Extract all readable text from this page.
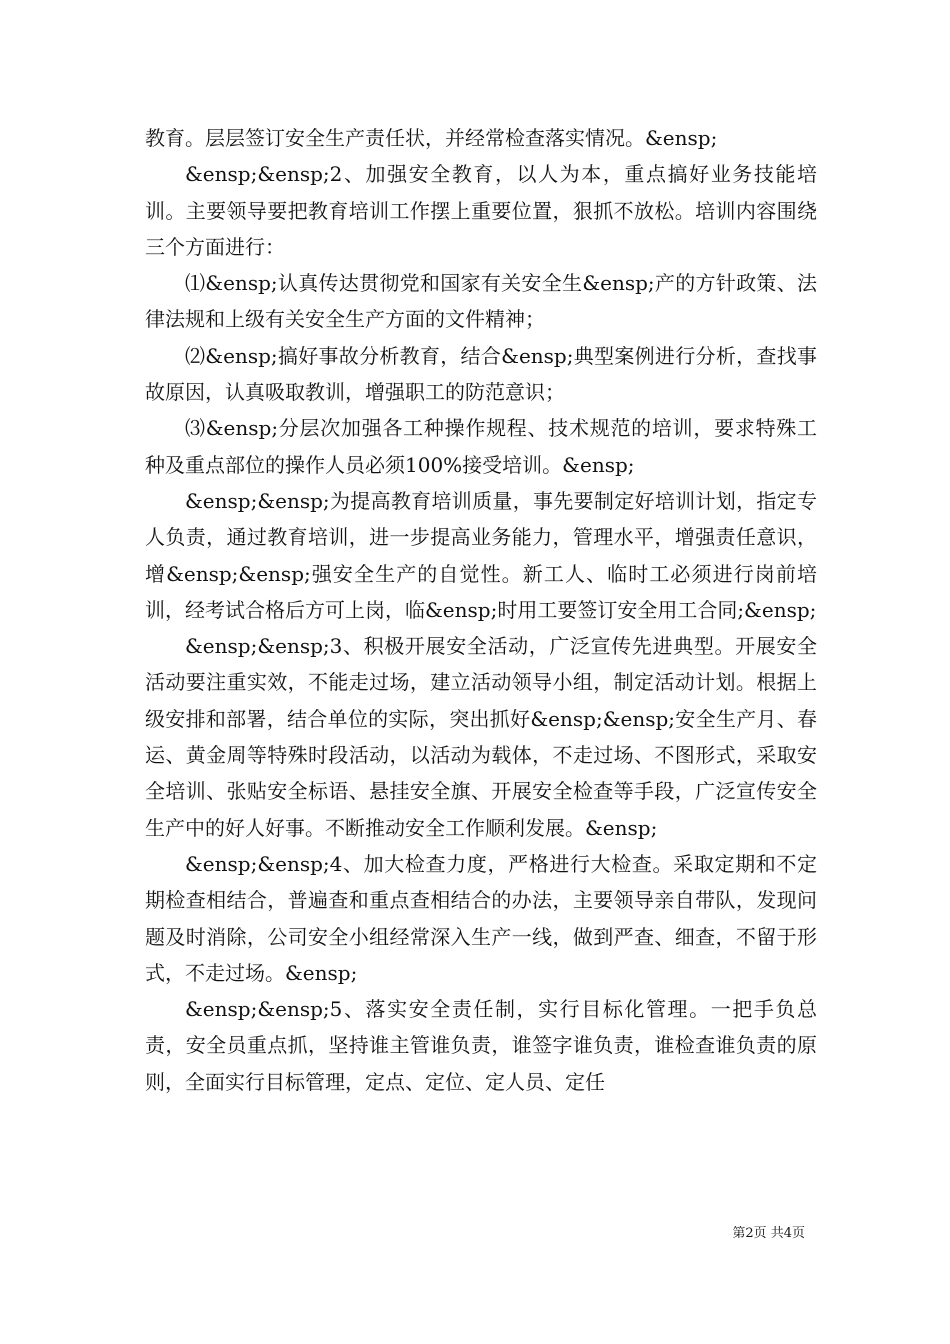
教育。层层签订安全生产责任状，并经常检查落实情况。&ensp;

&ensp;&ensp;2、加强安全教育，以人为本，重点搞好业务技能培训。主要领导要把教育培训工作摆上重要位置，狠抓不放松。培训内容围绕三个方面进行：

⑴&ensp;认真传达贯彻党和国家有关安全生&ensp;产的方针政策、法律法规和上级有关安全生产方面的文件精神；

⑵&ensp;搞好事故分析教育，结合&ensp;典型案例进行分析，查找事故原因，认真吸取教训，增强职工的防范意识；

⑶&ensp;分层次加强各工种操作规程、技术规范的培训，要求特殊工种及重点部位的操作人员必须100%接受培训。&ensp;

&ensp;&ensp;为提高教育培训质量，事先要制定好培训计划，指定专人负责，通过教育培训，进一步提高业务能力，管理水平，增强责任意识，增&ensp;&ensp;强安全生产的自觉性。新工人、临时工必须进行岗前培训，经考试合格后方可上岗，临&ensp;时用工要签订安全用工合同;&ensp;

&ensp;&ensp;3、积极开展安全活动，广泛宣传先进典型。开展安全活动要注重实效，不能走过场，建立活动领导小组，制定活动计划。根据上级安排和部署，结合单位的实际，突出抓好&ensp;&ensp;安全生产月、春运、黄金周等特殊时段活动，以活动为载体，不走过场、不图形式，采取安全培训、张贴安全标语、悬挂安全旗、开展安全检查等手段，广泛宣传安全生产中的好人好事。不断推动安全工作顺利发展。&ensp;

&ensp;&ensp;4、加大检查力度，严格进行大检查。采取定期和不定期检查相结合，普遍查和重点查相结合的办法，主要领导亲自带队，发现问题及时消除，公司安全小组经常深入生产一线，做到严查、细查，不留于形式，不走过场。&ensp;

&ensp;&ensp;5、落实安全责任制，实行目标化管理。一把手负总责，安全员重点抓，坚持谁主管谁负责，谁签字谁负责，谁检查谁负责的原则，全面实行目标管理，定点、定位、定人员、定任

第2页 共4页
